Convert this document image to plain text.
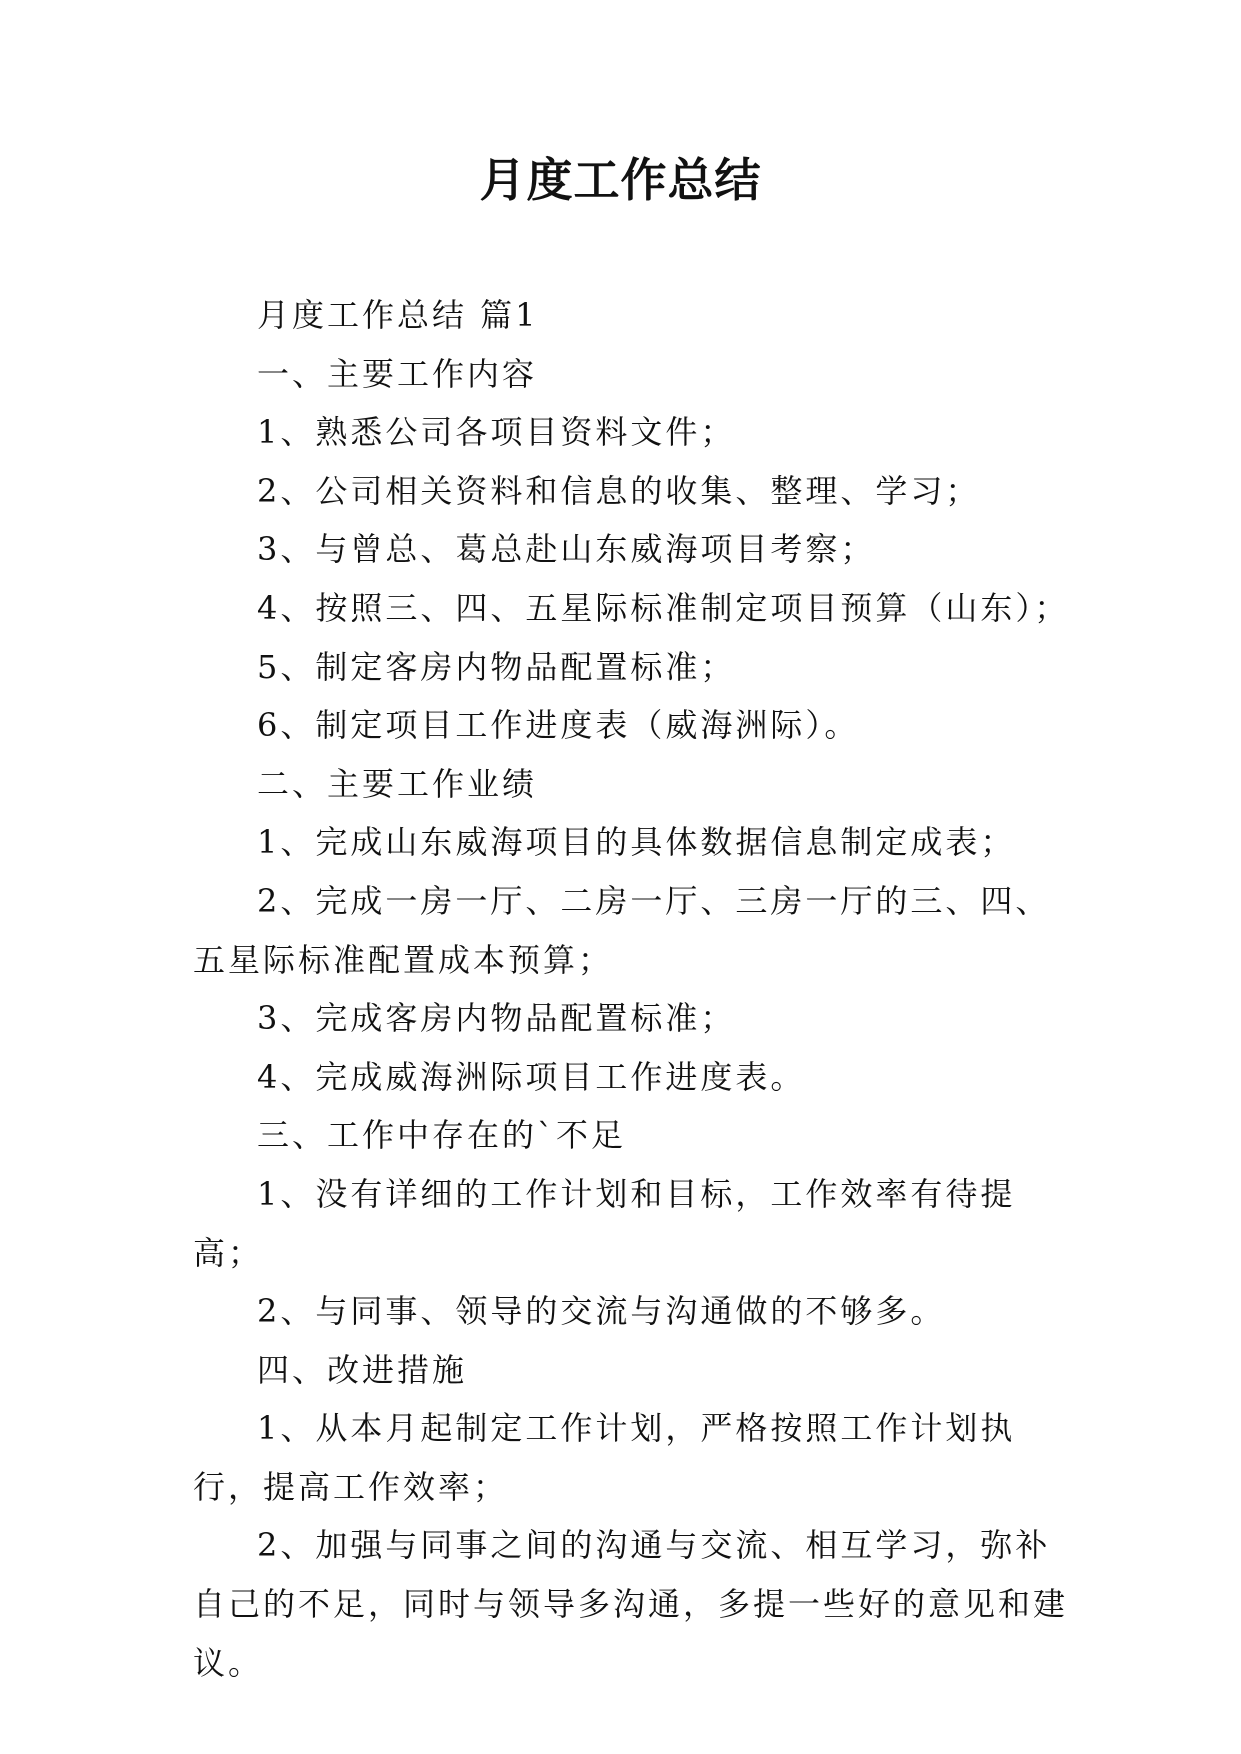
月度工作总结

月度工作总结 篇1

一、主要工作内容

1、熟悉公司各项目资料文件；

2、公司相关资料和信息的收集、整理、学习；

3、与曾总、葛总赴山东威海项目考察；

4、按照三、四、五星际标准制定项目预算（山东）；

5、制定客房内物品配置标准；

6、制定项目工作进度表（威海洲际）。

二、主要工作业绩

1、完成山东威海项目的具体数据信息制定成表；

2、完成一房一厅、二房一厅、三房一厅的三、四、五星际标准配置成本预算；

3、完成客房内物品配置标准；

4、完成威海洲际项目工作进度表。

三、工作中存在的`不足

1、没有详细的工作计划和目标，工作效率有待提高；

2、与同事、领导的交流与沟通做的不够多。

四、改进措施

1、从本月起制定工作计划，严格按照工作计划执行，提高工作效率；

2、加强与同事之间的沟通与交流、相互学习，弥补自己的不足，同时与领导多沟通，多提一些好的意见和建议。
